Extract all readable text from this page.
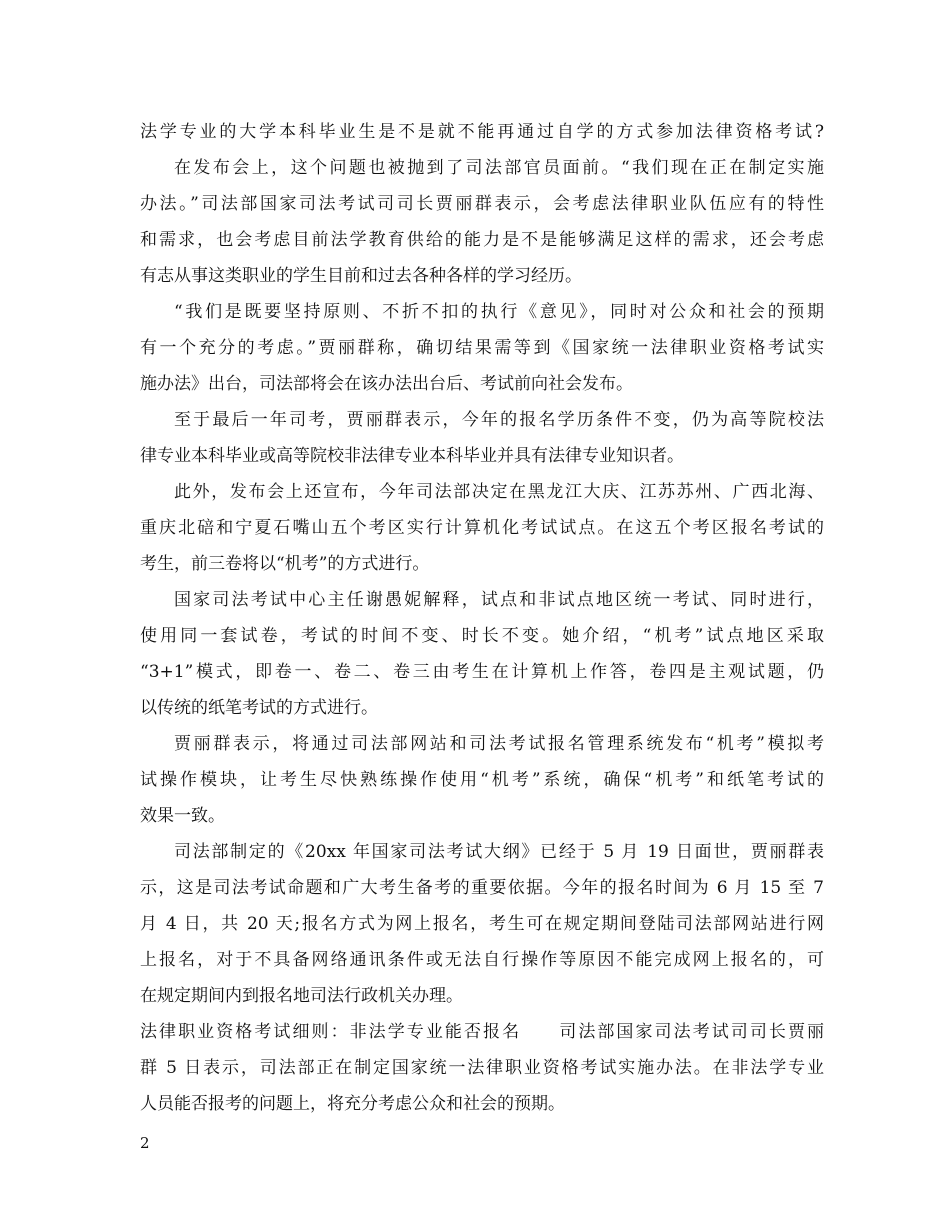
法学专业的大学本科毕业生是不是就不能再通过自学的方式参加法律资格考试?
在发布会上，这个问题也被抛到了司法部官员面前。“我们现在正在制定实施
办法。”司法部国家司法考试司司长贾丽群表示，会考虑法律职业队伍应有的特性
和需求，也会考虑目前法学教育供给的能力是不是能够满足这样的需求，还会考虑
有志从事这类职业的学生目前和过去各种各样的学习经历。
“我们是既要坚持原则、不折不扣的执行《意见》，同时对公众和社会的预期
有一个充分的考虑。”贾丽群称，确切结果需等到《国家统一法律职业资格考试实
施办法》出台，司法部将会在该办法出台后、考试前向社会发布。
至于最后一年司考，贾丽群表示，今年的报名学历条件不变，仍为高等院校法
律专业本科毕业或高等院校非法律专业本科毕业并具有法律专业知识者。
此外，发布会上还宣布，今年司法部决定在黑龙江大庆、江苏苏州、广西北海、
重庆北碚和宁夏石嘴山五个考区实行计算机化考试试点。在这五个考区报名考试的
考生，前三卷将以“机考”的方式进行。
国家司法考试中心主任谢愚妮解释，试点和非试点地区统一考试、同时进行，
使用同一套试卷，考试的时间不变、时长不变。她介绍，“机考”试点地区采取
“3+1”模式，即卷一、卷二、卷三由考生在计算机上作答，卷四是主观试题，仍
以传统的纸笔考试的方式进行。
贾丽群表示，将通过司法部网站和司法考试报名管理系统发布“机考”模拟考
试操作模块，让考生尽快熟练操作使用“机考”系统，确保“机考”和纸笔考试的
效果一致。
司法部制定的《20xx 年国家司法考试大纲》已经于 5 月 19 日面世，贾丽群表
示，这是司法考试命题和广大考生备考的重要依据。今年的报名时间为 6 月 15 至 7
月 4 日，共 20 天;报名方式为网上报名，考生可在规定期间登陆司法部网站进行网
上报名，对于不具备网络通讯条件或无法自行操作等原因不能完成网上报名的，可
在规定期间内到报名地司法行政机关办理。
法律职业资格考试细则：非法学专业能否报名　　司法部国家司法考试司司长贾丽
群 5 日表示，司法部正在制定国家统一法律职业资格考试实施办法。在非法学专业
人员能否报考的问题上，将充分考虑公众和社会的预期。
2
